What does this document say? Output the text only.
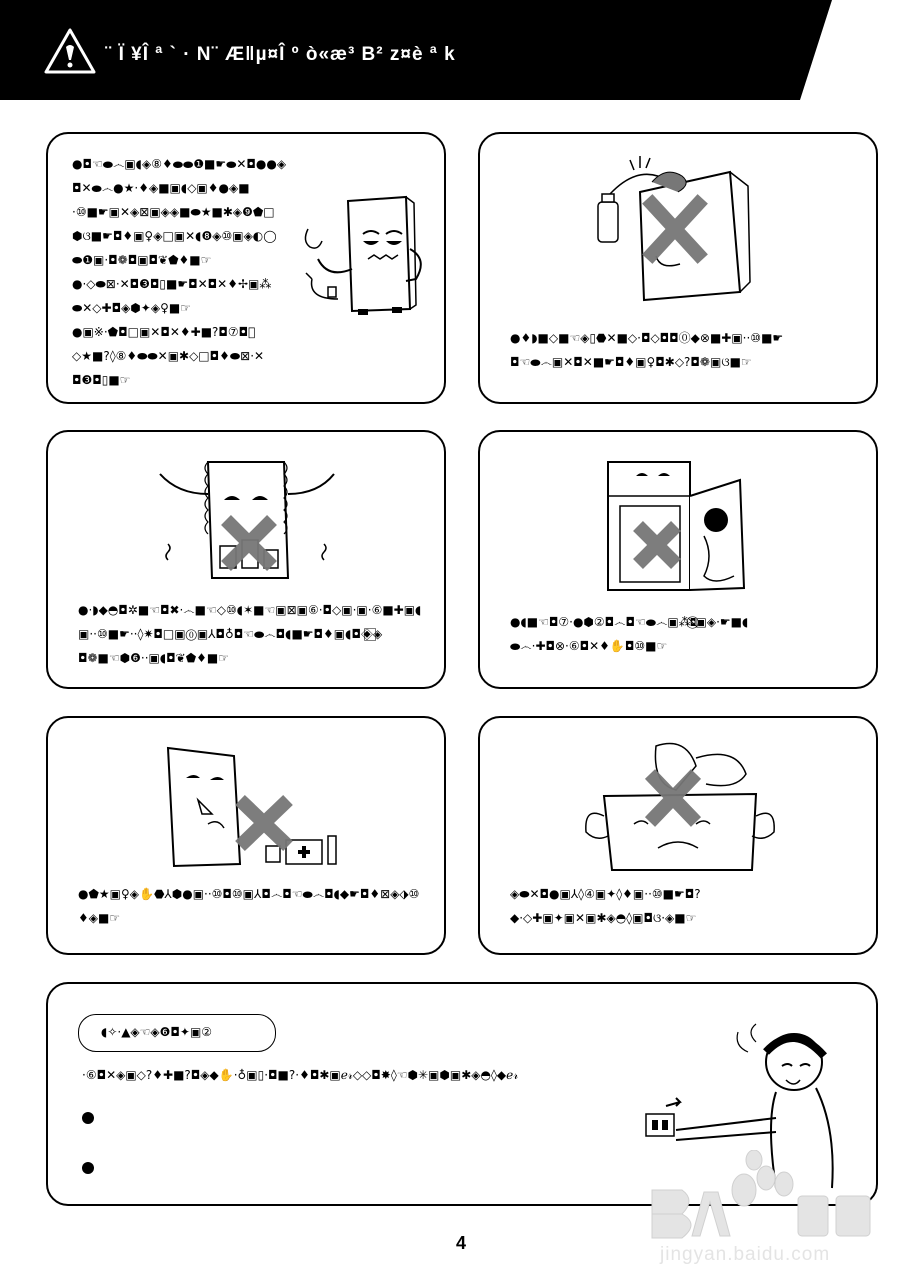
¨ Ï ¥Î ª ` · N¨ Æ‖µ¤Î º ò«æ³ B² z¤è ª k
●◘☜⬬෴▣◖◈⑧♦⬬⬬❶■☛⬬✕◘●●◈
◘✕⬬෴●★·♦◈■▣◖◇▣♦●◈■
·⑩■☛▣✕◈⊠▣◈◈■⬬★■✱◈❾⬟□
⬢ଓ■☛◘♦▣♀◈□▣✕◖❽◈⑩▣◈◐◯
⬬❶▣·◘❁◘▣◘❦⬟♦■☞
●·◇⬬⊠·✕◘❸◘▯■☛◘✕◘✕♦✢▣⁂
⬬✕◇✚◘◈⬢✦◈♀■☞
●▣※·⬟◘□▣✕◘✕♦✚■?◘⑦◘⃠
◇★■?◊⑧♦⬬⬬✕▣✱◇□◘♦⬬⊠·✕
◘❸◘▯■☞
●♦◗■◇■☜◈▯⬣✕■◇·◘◇◘◘⓪◆⊗■✚▣··⑩■☛
◘☜⬬෴▣✕◘✕■☛◘♦▣♀◘✱◇?◘❁▣ଓ■☞
●·◗◆◓◘✲■☜◘✖·෴■☜◇⑩◖✶■☜▣⊠▣⑥·◘◇▣·▣·⑥■✚▣◖
▣··⑩■☛··◊✷◘□▣⓪▣⅄◘♁◘☜⬬෴◘◖■☛◘♦▣◖◘◈⃞◈
◘❁■☜⬢❻··▣◖◘❦⬟♦■☞
●◖■☜◘⑦·●⬢②◘෴◘☜⬬෴▣⁂◘⃠▣◈·☛■◖
⬬෴·✚◘⊗·⑥◘✕♦✋◘⑩■☞
●⬟★▣♀◈✋⬣⅄⬢●▣··⑩◘⑩▣⅄◘෴◘☜⬬෴◘◖◆☛◘♦⊠◈⬗⑩
♦◈■☞
◈⬬✕◘●▣⅄◊④▣✦◊♦▣··⑩■☛◘?
◆·◇✚▣✦▣✕▣✱◈◓◊▣◘ଓ·◈■☞
◖✧·▲◈☜◈❻◘✦▣②
·⑥◘✕◈▣◇?♦✚■?◘◈◆✋·♁▣▯·◘■?·♦◘✱▣ℯ𝓇◇◇◘✸◊☜⬢✳▣⬢▣✱◈◓◊◆ℯ𝓇
4
jingyan.baidu.com
